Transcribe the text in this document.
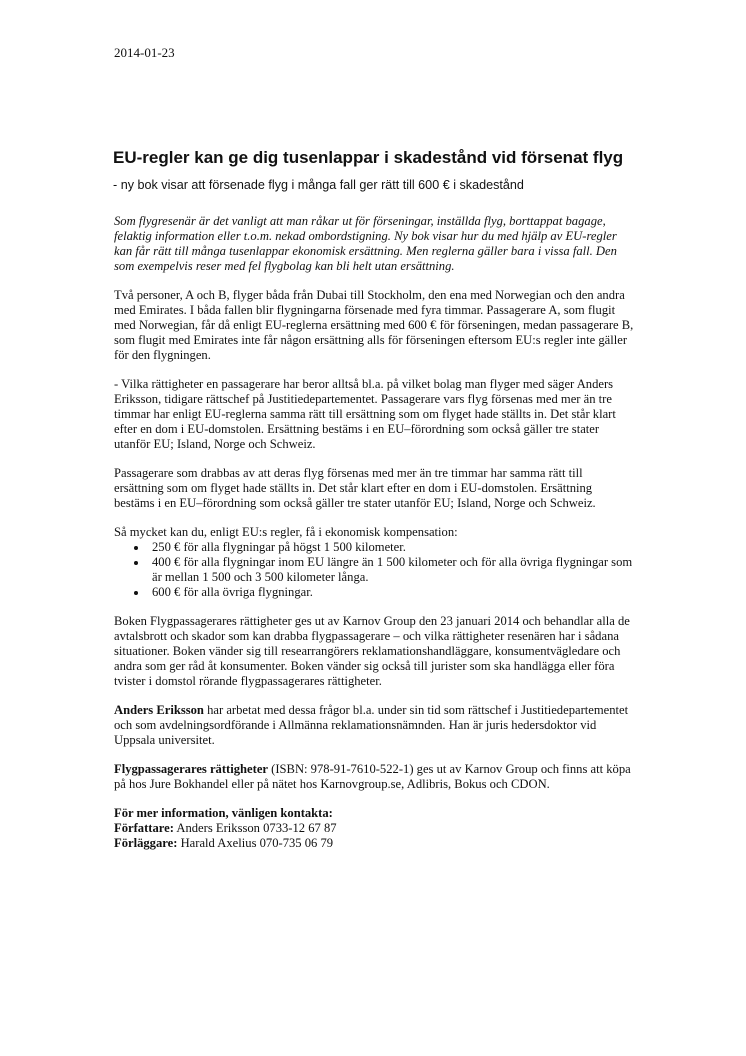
2014-01-23
EU-regler kan ge dig tusenlappar i skadestånd vid försenat flyg
- ny bok visar att försenade flyg i många fall ger rätt till 600 € i skadestånd

Som flygresenär är det vanligt att man råkar ut för förseningar, inställda flyg, borttappat bagage, felaktig information eller t.o.m. nekad ombordstigning. Ny bok visar hur du med hjälp av EU-regler kan får rätt till många tusenlappar ekonomisk ersättning. Men reglerna gäller bara i vissa fall. Den som exempelvis reser med fel flygbolag kan bli helt utan ersättning.

Två personer, A och B, flyger båda från Dubai till Stockholm, den ena med Norwegian och den andra med Emirates. I båda fallen blir flygningarna försenade med fyra timmar. Passagerare A, som flugit med Norwegian, får då enligt EU-reglerna ersättning med 600 € för förseningen, medan passagerare B, som flugit med Emirates inte får någon ersättning alls för förseningen eftersom EU:s regler inte gäller för den flygningen.

- Vilka rättigheter en passagerare har beror alltså bl.a. på vilket bolag man flyger med säger Anders Eriksson, tidigare rättschef på Justitiedepartementet. Passagerare vars flyg försenas med mer än tre timmar har enligt EU-reglerna samma rätt till ersättning som om flyget hade ställts in. Det står klart efter en dom i EU-domstolen. Ersättning bestäms i en EU–förordning som också gäller tre stater utanför EU; Island, Norge och Schweiz.

Passagerare som drabbas av att deras flyg försenas med mer än tre timmar har samma rätt till ersättning som om flyget hade ställts in. Det står klart efter en dom i EU-domstolen. Ersättning bestäms i en EU–förordning som också gäller tre stater utanför EU; Island, Norge och Schweiz.

Så mycket kan du, enligt EU:s regler, få i ekonomisk kompensation:
• 250 € för alla flygningar på högst 1 500 kilometer.
• 400 € för alla flygningar inom EU längre än 1 500 kilometer och för alla övriga flygningar som är mellan 1 500 och 3 500 kilometer långa.
• 600 € för alla övriga flygningar.

Boken Flygpassagerares rättigheter ges ut av Karnov Group den 23 januari 2014 och behandlar alla de avtalsbrott och skador som kan drabba flygpassagerare – och vilka rättigheter resenären har i sådana situationer. Boken vänder sig till researrangörers reklamationshandläggare, konsumentvägledare och andra som ger råd åt konsumenter. Boken vänder sig också till jurister som ska handlägga eller föra tvister i domstol rörande flygpassagerares rättigheter.

Anders Eriksson har arbetat med dessa frågor bl.a. under sin tid som rättschef i Justitiedepartementet och som avdelningsordförande i Allmänna reklamationsnämnden. Han är juris hedersdoktor vid Uppsala universitet.

Flygpassagerares rättigheter (ISBN: 978-91-7610-522-1) ges ut av Karnov Group och finns att köpa på hos Jure Bokhandel eller på nätet hos Karnovgroup.se, Adlibris, Bokus och CDON.

För mer information, vänligen kontakta:

Författare: Anders Eriksson 0733-12 67 87

Förläggare: Harald Axelius 070-735 06 79
